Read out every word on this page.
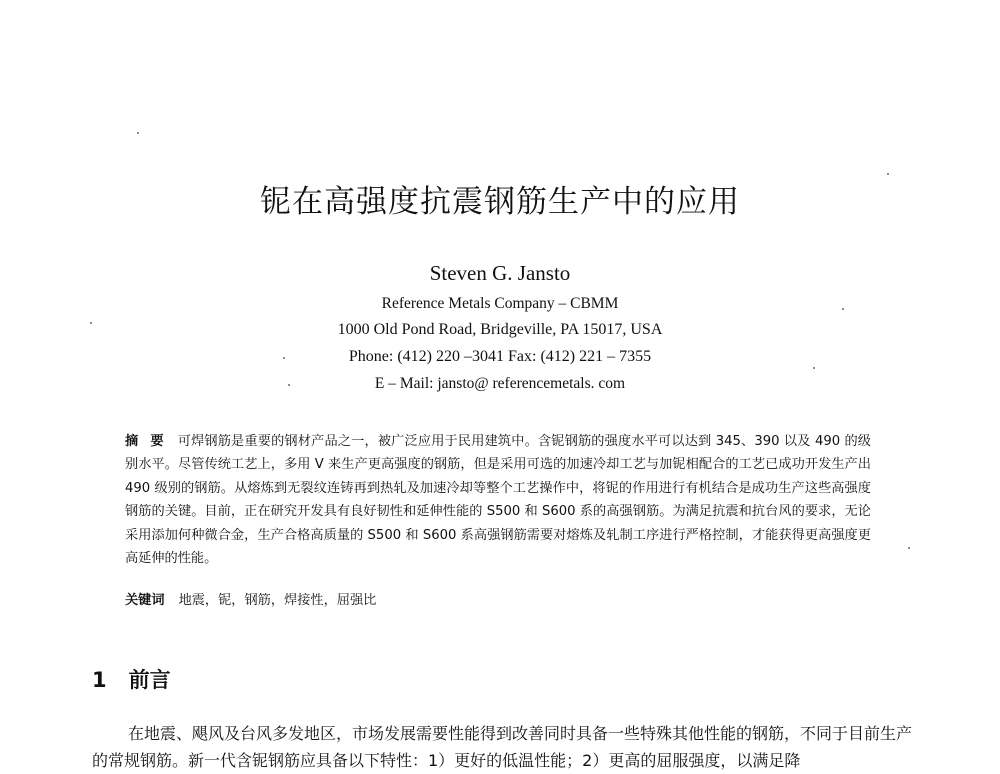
铌在高强度抗震钢筋生产中的应用
Steven G. Jansto
Reference Metals Company – CBMM
1000 Old Pond Road, Bridgeville, PA 15017, USA
Phone: (412) 220 –3041 Fax: (412) 221 – 7355
E – Mail: jansto@ referencemetals. com
摘要 可焊钢筋是重要的钢材产品之一，被广泛应用于民用建筑中。含铌钢筋的强度水平可以达到 345、390 以及 490 的级别水平。尽管传统工艺上，多用 V 来生产更高强度的钢筋，但是采用可选的加速冷却工艺与加铌相配合的工艺已成功开发生产出 490 级别的钢筋。从熔炼到无裂纹连铸再到热轧及加速冷却等整个工艺操作中，将铌的作用进行有机结合是成功生产这些高强度钢筋的关键。目前，正在研究开发具有良好韧性和延伸性能的 S500 和 S600 系的高强钢筋。为满足抗震和抗台风的要求，无论采用添加何种微合金，生产合格高质量的 S500 和 S600 系高强钢筋需要对熔炼及轧制工序进行严格控制，才能获得更高强度更高延伸的性能。
关键词 地震，铌，钢筋，焊接性，屈强比
1 前言
在地震、飓风及台风多发地区，市场发展需要性能得到改善同时具备一些特殊其他性能的钢筋，不同于目前生产的常规钢筋。新一代含铌钢筋应具备以下特性：1）更好的低温性能；2）更高的屈服强度，以满足降
